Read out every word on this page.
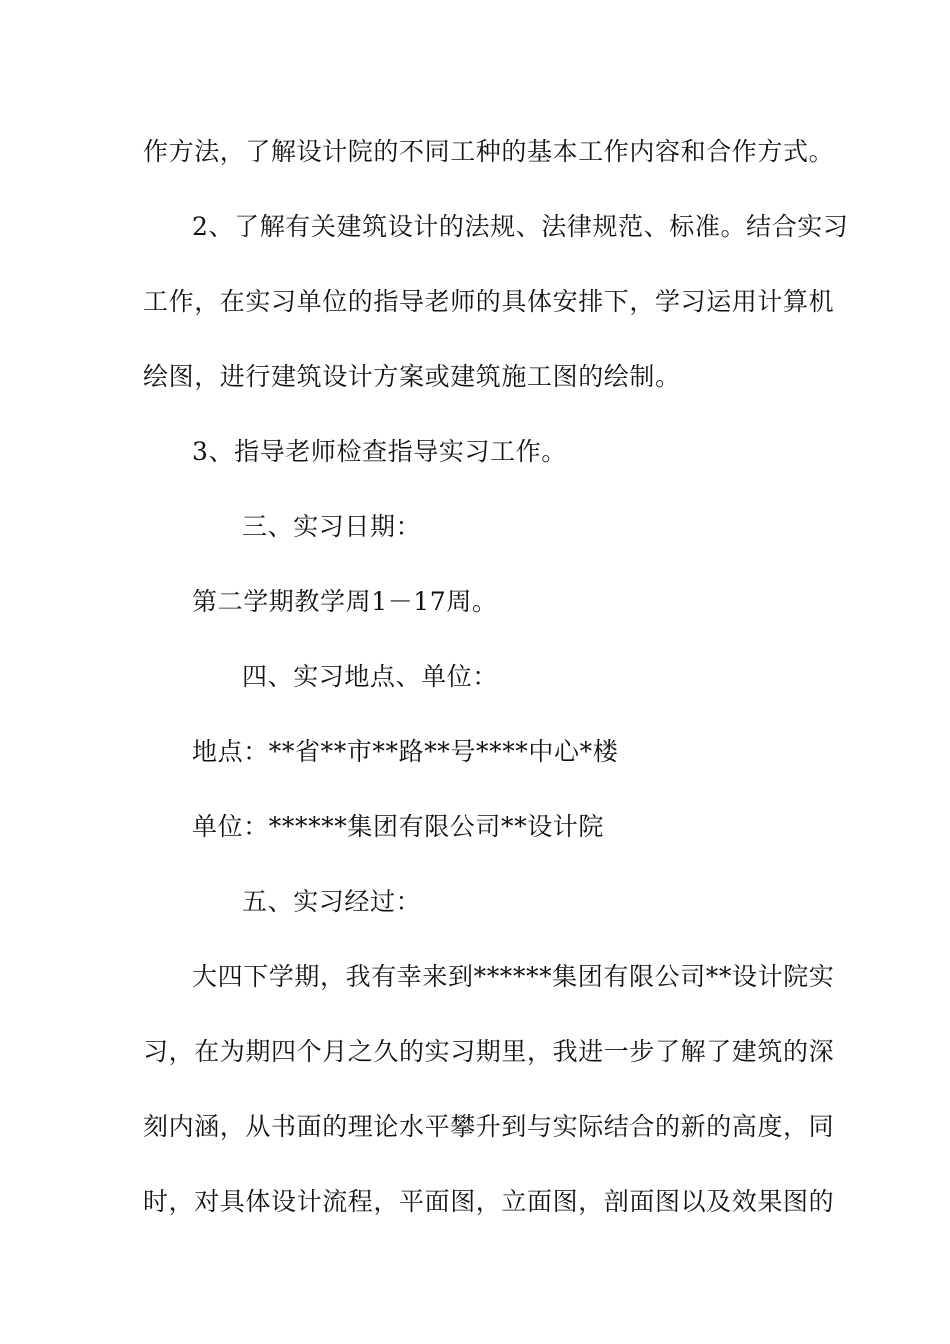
作方法，了解设计院的不同工种的基本工作内容和合作方式。
2、了解有关建筑设计的法规、法律规范、标准。结合实习
工作，在实习单位的指导老师的具体安排下，学习运用计算机
绘图，进行建筑设计方案或建筑施工图的绘制。
3、指导老师检查指导实习工作。
三、实习日期：
第二学期教学周1－17周。
四、实习地点、单位：
地点：**省**市**路**号****中心*楼
单位：******集团有限公司**设计院
五、实习经过：
大四下学期，我有幸来到******集团有限公司**设计院实
习，在为期四个月之久的实习期里，我进一步了解了建筑的深
刻内涵，从书面的理论水平攀升到与实际结合的新的高度，同
时，对具体设计流程，平面图，立面图，剖面图以及效果图的
